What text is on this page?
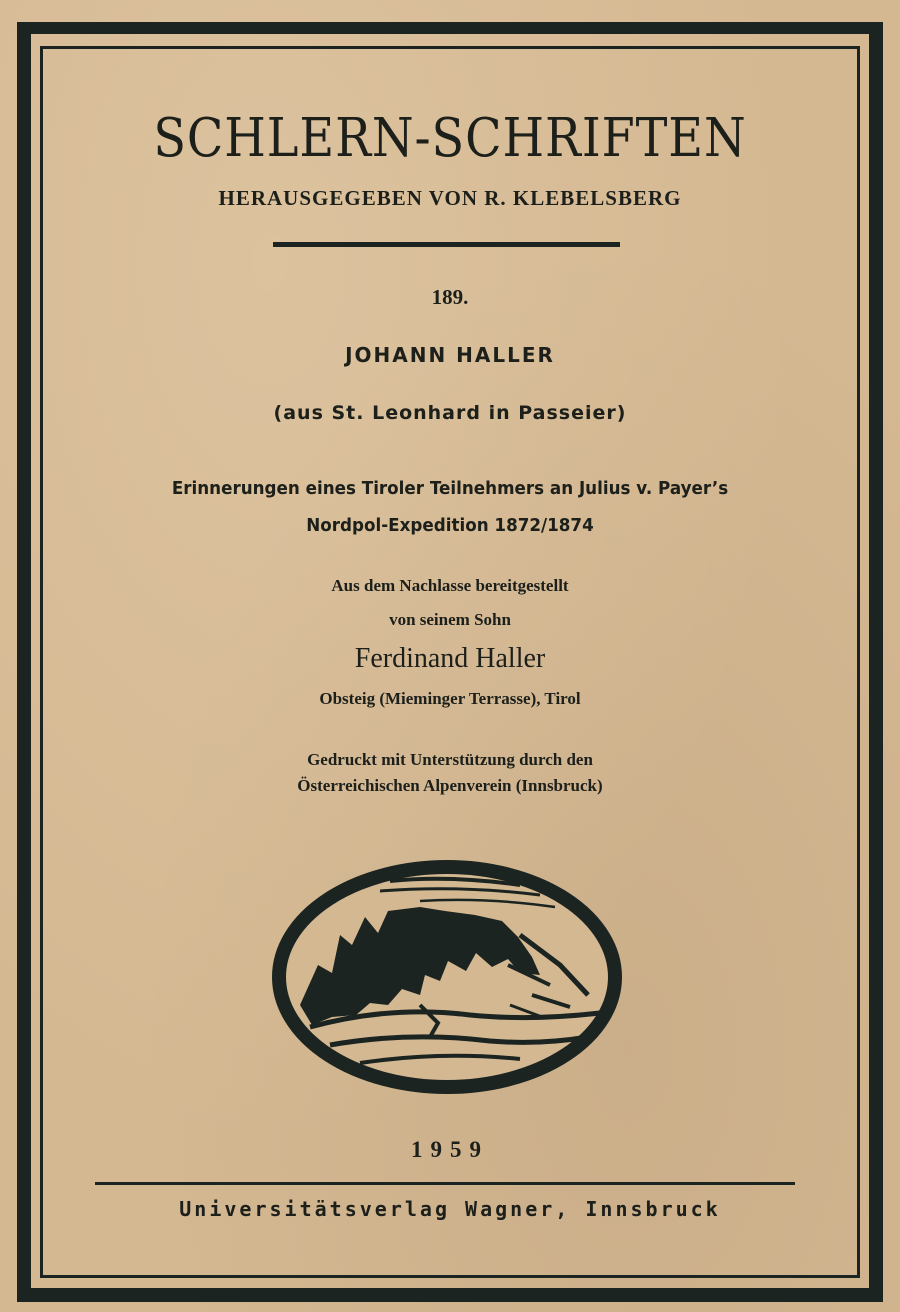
SCHLERN-SCHRIFTEN
HERAUSGEGEBEN VON R. KLEBELSBERG
189.
JOHANN HALLER
(aus St. Leonhard in Passeier)
Erinnerungen eines Tiroler Teilnehmers an Julius v. Payer’s
Nordpol-Expedition 1872/1874
Aus dem Nachlasse bereitgestellt
von seinem Sohn
Ferdinand Haller
Obsteig (Mieminger Terrasse), Tirol
Gedruckt mit Unterstützung durch den
Österreichischen Alpenverein (Innsbruck)
1959
Universitätsverlag Wagner, Innsbruck
